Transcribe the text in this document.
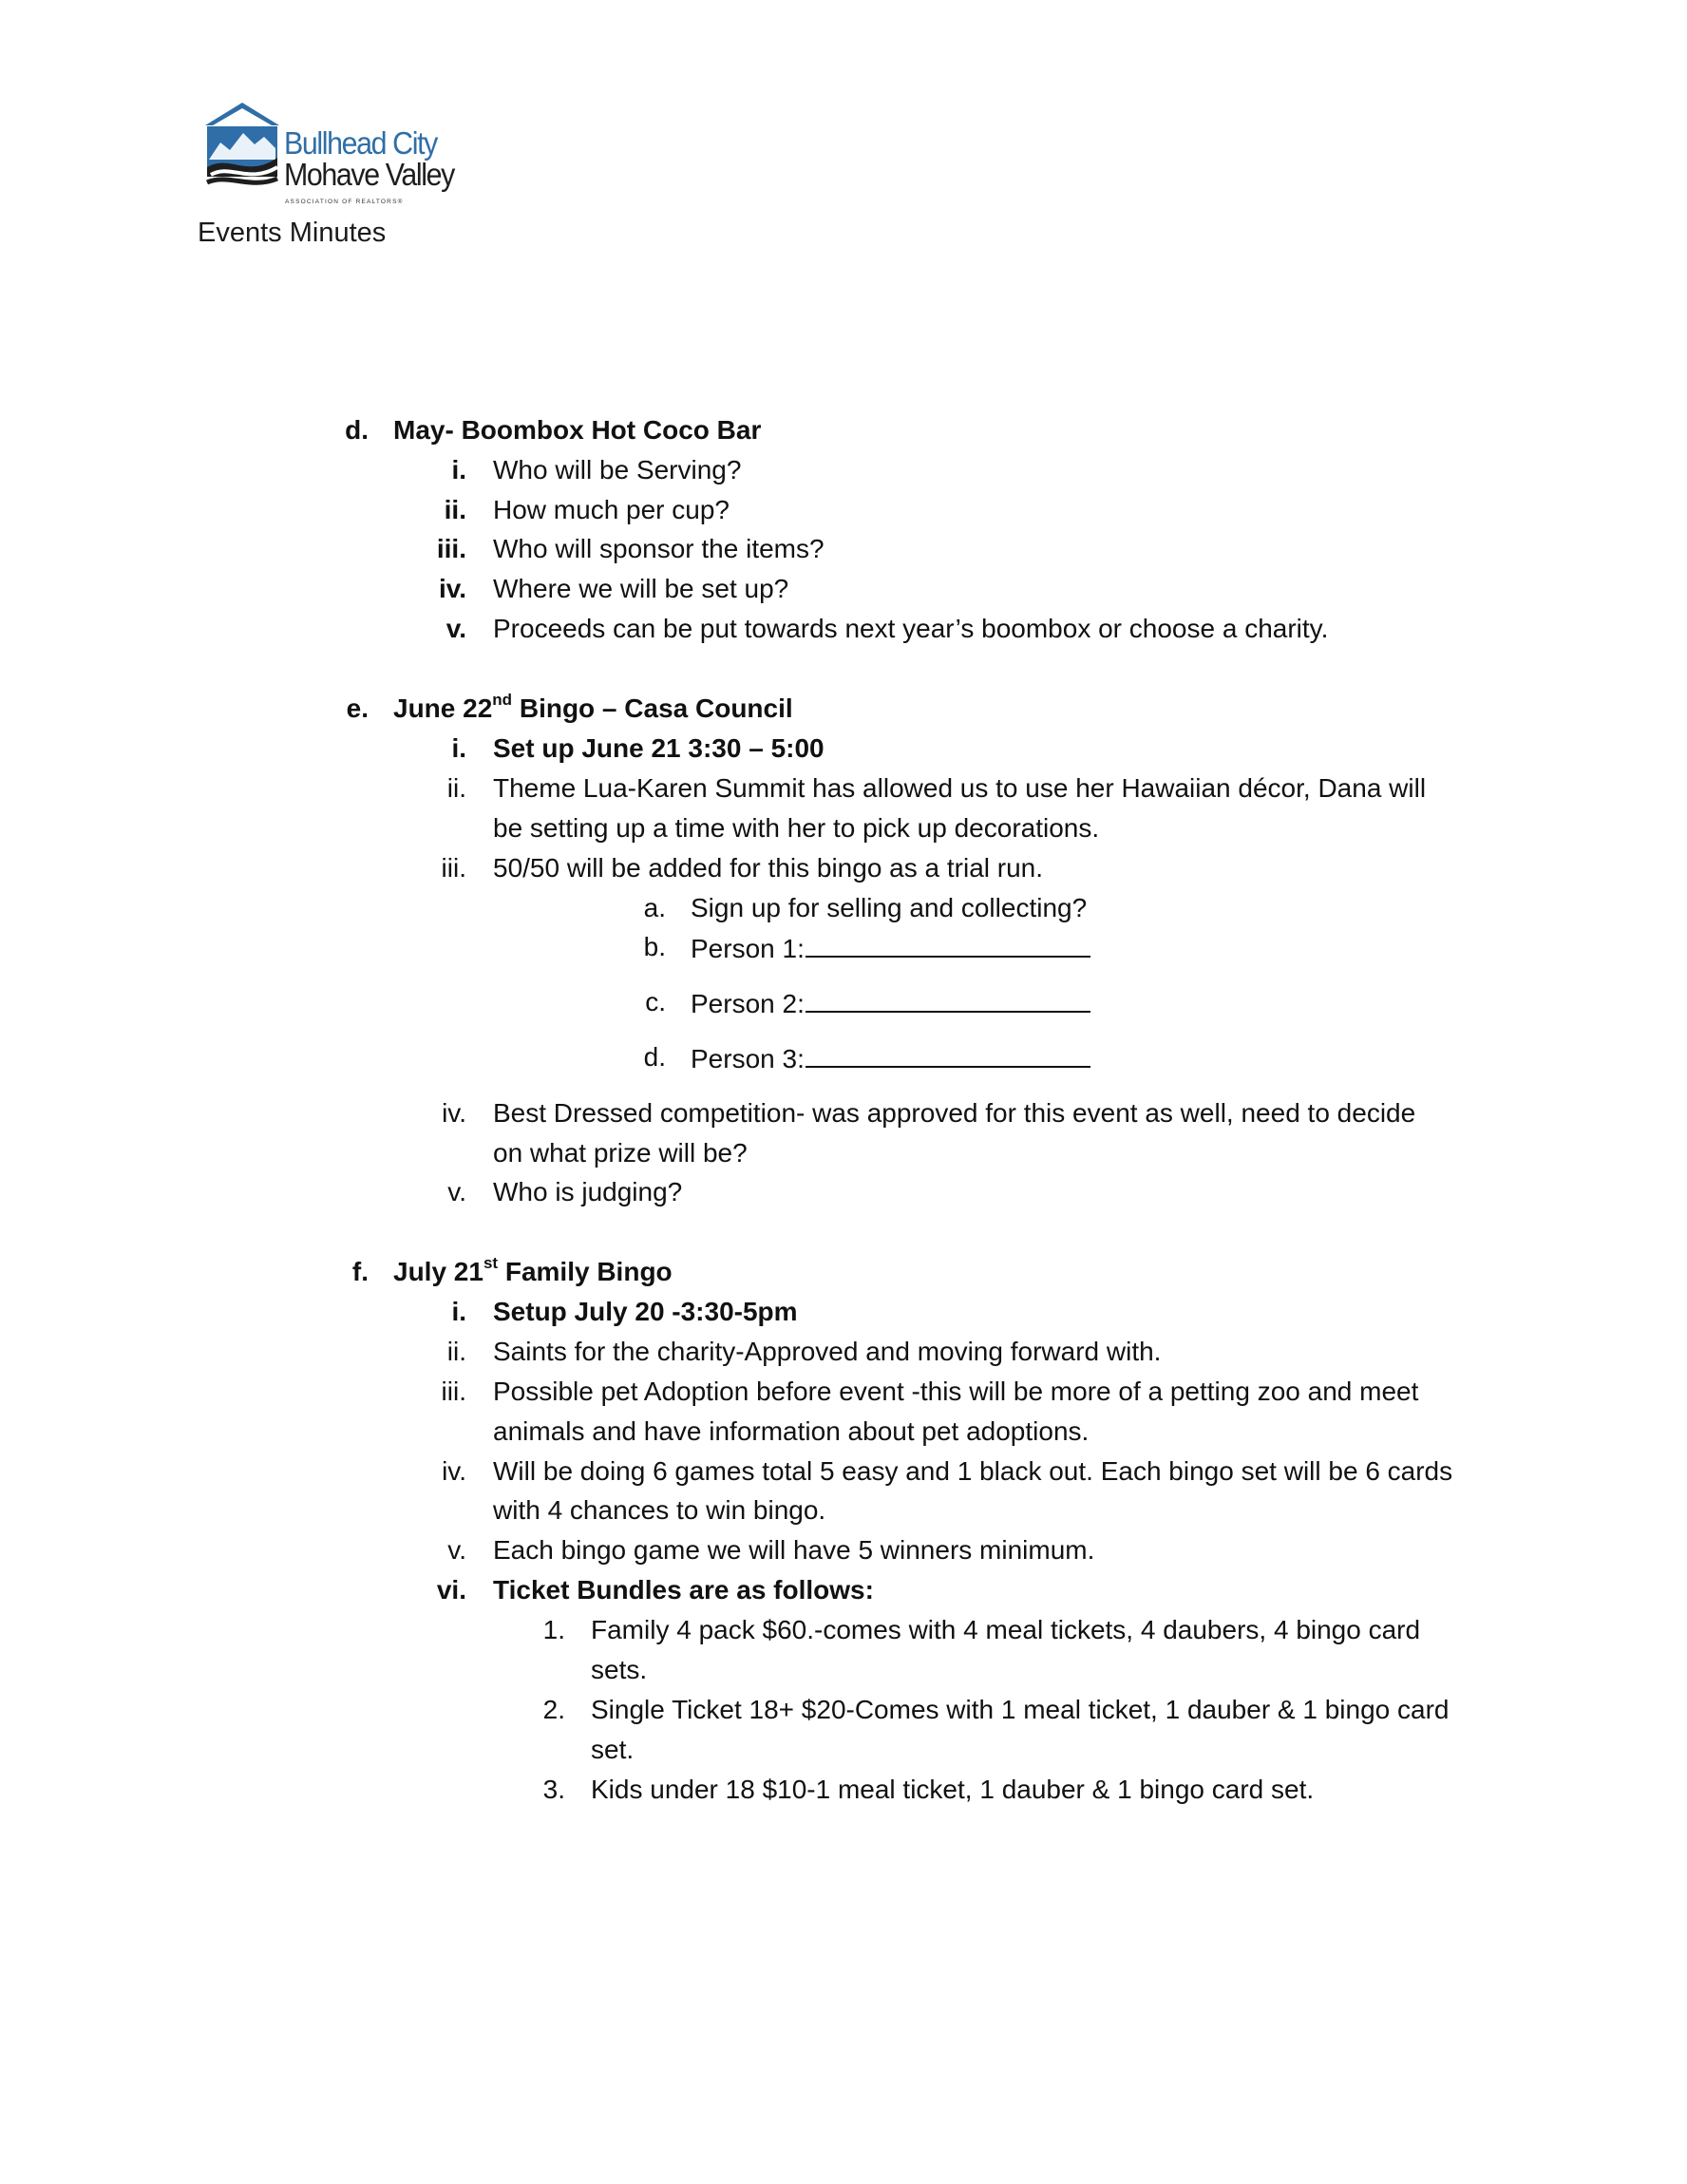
Bullhead City
Mohave Valley
ASSOCIATION OF REALTORS®
Events Minutes
d. May- Boombox Hot Coco Bar
i. Who will be Serving?
ii. How much per cup?
iii. Who will sponsor the items?
iv. Where we will be set up?
v. Proceeds can be put towards next year’s boombox or choose a charity.
e. June 22nd Bingo – Casa Council
i. Set up June 21 3:30 – 5:00
ii. Theme Lua-Karen Summit has allowed us to use her Hawaiian décor, Dana will
be setting up a time with her to pick up decorations.
iii. 50/50 will be added for this bingo as a trial run.
a. Sign up for selling and collecting?
b. Person 1:
c. Person 2:
d. Person 3:
iv. Best Dressed competition- was approved for this event as well, need to decide
on what prize will be?
v. Who is judging?
f. July 21st Family Bingo
i. Setup July 20 -3:30-5pm
ii. Saints for the charity-Approved and moving forward with.
iii. Possible pet Adoption before event -this will be more of a petting zoo and meet
animals and have information about pet adoptions.
iv. Will be doing 6 games total 5 easy and 1 black out. Each bingo set will be 6 cards
with 4 chances to win bingo.
v. Each bingo game we will have 5 winners minimum.
vi. Ticket Bundles are as follows:
1. Family 4 pack $60.-comes with 4 meal tickets, 4 daubers, 4 bingo card
sets.
2. Single Ticket 18+ $20-Comes with 1 meal ticket, 1 dauber & 1 bingo card
set.
3. Kids under 18 $10-1 meal ticket, 1 dauber & 1 bingo card set.
